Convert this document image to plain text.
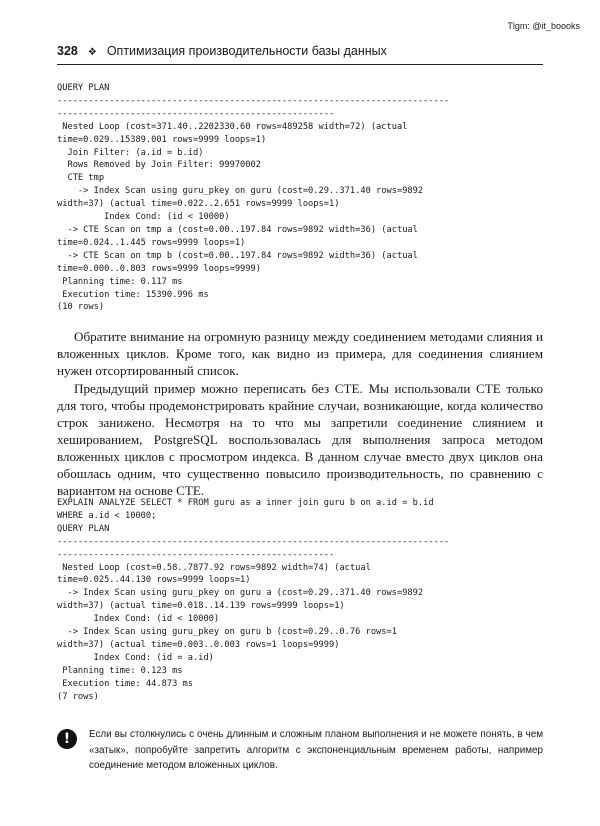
Tlgm: @it_boooks
328 ❖ Оптимизация производительности базы данных
QUERY PLAN
---------------------------------------------------------------------------
-----------------------------------------------------
Nested Loop (cost=371.40..2202330.60 rows=489258 width=72) (actual
time=0.029..15389.001 rows=9999 loops=1)
Join Filter: (a.id = b.id)
Rows Removed by Join Filter: 99970002
CTE tmp
-> Index Scan using guru_pkey on guru (cost=0.29..371.40 rows=9892
width=37) (actual time=0.022..2.651 rows=9999 loops=1)
Index Cond: (id < 10000)
-> CTE Scan on tmp a (cost=0.00..197.84 rows=9892 width=36) (actual
time=0.024..1.445 rows=9999 loops=1)
-> CTE Scan on tmp b (cost=0.00..197.84 rows=9892 width=36) (actual
time=0.000..0.803 rows=9999 loops=9999)
Planning time: 0.117 ms
Execution time: 15390.996 ms
(10 rows)

Обратите внимание на огромную разницу между соединением методами слияния и вложенных циклов. Кроме того, как видно из примера, для соединения слиянием нужен отсортированный список.

Предыдущий пример можно переписать без CTE. Мы использовали CTE только для того, чтобы продемонстрировать крайние случаи, возникающие, когда количество строк занижено. Несмотря на то что мы запретили соединение слиянием и хешированием, PostgreSQL воспользовалась для выполнения запроса методом вложенных циклов с просмотром индекса. В данном случае вместо двух циклов она обошлась одним, что существенно повысило производительность, по сравнению с вариантом на основе CTE.

EXPLAIN ANALYZE SELECT * FROM guru as a inner join guru b on a.id = b.id
WHERE a.id < 10000;
QUERY PLAN
---------------------------------------------------------------------------
-----------------------------------------------------
Nested Loop (cost=0.58..7877.92 rows=9892 width=74) (actual
time=0.025..44.130 rows=9999 loops=1)
-> Index Scan using guru_pkey on guru a (cost=0.29..371.40 rows=9892
width=37) (actual time=0.018..14.139 rows=9999 loops=1)
Index Cond: (id < 10000)
-> Index Scan using guru_pkey on guru b (cost=0.29..0.76 rows=1
width=37) (actual time=0.003..0.003 rows=1 loops=9999)
Index Cond: (id = a.id)
Planning time: 0.123 ms
Execution time: 44.873 ms
(7 rows)
!	Если вы столкнулись с очень длинным и сложным планом выполнения и не можете понять, в чем «затык», попробуйте запретить алгоритм с экспоненциальным временем работы, например соединение методом вложенных циклов.
